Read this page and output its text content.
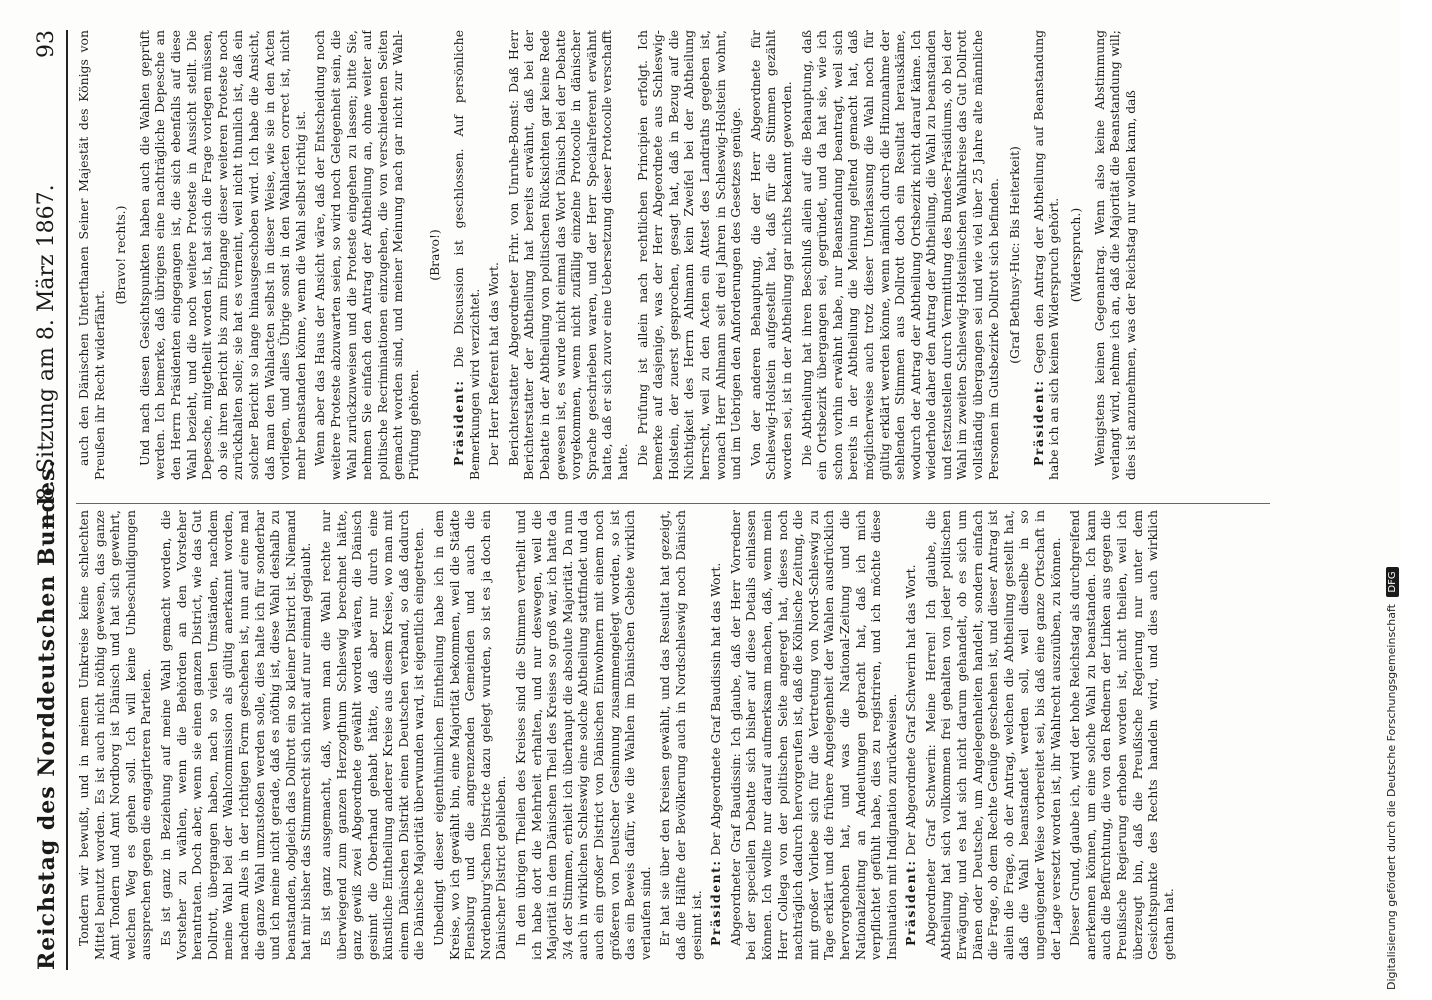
Reichstag des Norddeutschen Bundes.
— 8. Sitzung am 8. März 1867.
93

Tondern wir bewußt, und in meinem Umkreise keine schlechten Mittel benutzt worden. Es ist auch nicht nöthig gewesen, das ganze Amt Tondern und Amt Nordborg ist Dänisch und hat sich gewehrt, welchen Weg es gehen soll. Ich will keine Unbeschuldigungen aussprechen gegen die engagirteren Parteien. Es ist ganz in Beziehung auf meine Wahl gemacht worden, die Vorsteher zu wählen, wenn die Behörden an den Vorsteher herantraten. Doch aber, wenn sie einen ganzen District, wie das Gut Dollrott, übergangen haben, nach so vielen Umständen, nachdem meine Wahl bei der Wahlcommission als gültig anerkannt worden, nachdem Alles in der richtigen Form geschehen ist, nun auf eine mal die ganze Wahl umzustoßen werden solle, dies halte ich für sonderbar und ich meine nicht gerade, daß es nöthig ist, diese Wahl deshalb zu beanstanden, obgleich das Dollrott ein so kleiner District ist. Niemand hat mir bisher das Stimmrecht sich nicht auf nur einmal geglaubt. Es ist ganz ausgemacht, daß, wenn man die Wahl rechte nur überwiegend zum ganzen Herzogthum Schleswig berechnet hätte, ganz gewiß zwei Abgeordnete gewählt worden wären, die Dänisch gesinnt die Oberhand gehabt hätte, daß aber nur durch eine künstliche Eintheilung anderer Kreise aus diesem Kreise, wo man mit einem Dänischen Distrikt einen Deutschen verband, so daß dadurch die Dänische Majorität überwunden ward, ist eigentlich eingetreten. Unbedingt dieser eigenthümlichen Eintheilung habe ich in dem Kreise, wo ich gewählt bin, eine Majorität bekommen, weil die Städte Flensburg und die angrenzenden Gemeinden und auch die Nordenburg'schen Districte dazu gelegt wurden, so ist es ja doch ein Dänischer District geblieben. In den übrigen Theilen des Kreises sind die Stimmen vertheilt und ich habe dort die Mehrheit erhalten, und nur deswegen, weil die Majorität in dem Dänischen Theil des Kreises so groß war, ich hatte da 3/4 der Stimmen, erhielt ich überhaupt die absolute Majorität. Da nun auch in wirklichen Schleswig eine solche Abtheilung stattfindet und da auch ein großer District von Dänischen Einwohnern mit einem noch größeren von Deutscher Gesinnung zusammengelegt worden, so ist das ein Beweis dafür, wie die Wahlen im Dänischen Gebiete wirklich verlaufen sind. Er hat sie über den Kreisen gewählt, und das Resultat hat gezeigt, daß die Hälfte der Bevölkerung auch in Nordschleswig noch Dänisch gesinnt ist. Präsident: Der Abgeordnete Graf Baudissin hat das Wort. Abgeordneter Graf Baudissin: Ich glaube, daß der Herr Vorredner bei der speciellen Debatte sich bisher auf diese Details einlassen können. Ich wollte nur darauf aufmerksam machen, daß, wenn mein Herr Collega von der politischen Seite angeregt hat, dieses noch nachträglich dadurch hervorgerufen ist, daß die Kölnische Zeitung, die mit großer Vorliebe sich für die Vertretung von Nord-Schleswig zu Tage erklärt und die frühere Angelegenheit der Wahlen ausdrücklich hervorgehoben hat, und was die National-Zeitung und die Nationalzeitung an Andeutungen gebracht hat, daß ich mich verpflichtet gefühlt habe, dies zu registriren, und ich möchte diese Insinuation mit Indignation zurückweisen. Präsident: Der Abgeordnete Graf Schwerin hat das Wort. Abgeordneter Graf Schwerin: Meine Herren! Ich glaube, die Abtheilung hat sich vollkommen frei gehalten von jeder politischen Erwägung, und es hat sich nicht darum gehandelt, ob es sich um Dänen oder Deutsche, um Angelegenheiten handelt, sondern einfach die Frage, ob dem Rechte Genüge geschehen ist, und dieser Antrag ist allein die Frage, ob der Antrag, welchen die Abtheilung gestellt hat, daß die Wahl beanstandet werden soll, weil dieselbe in so ungenügender Weise vorbereitet sei, bis daß eine ganze Ortschaft in der Lage versetzt worden ist, ihr Wahlrecht auszuüben, zu können. Dieser Grund, glaube ich, wird der hohe Reichstag als durchgreifend anerkennen können, um eine solche Wahl zu beanstanden. Ich kann auch die Befürchtung, die von den Rednern der Linken aus gegen die Preußische Regierung erhoben worden ist, nicht theilen, weil ich überzeugt bin, daß die Preußische Regierung nur unter dem Gesichtspunkte des Rechts handeln wird, und dies auch wirklich gethan hat.

auch den Dänischen Unterthanen Seiner Majestät des Königs von Preußen ihr Recht widerfährt.

(Bravo! rechts.) Und nach diesen Gesichtspunkten haben auch die Wahlen geprüft werden. Ich bemerke, daß übrigens eine nachträgliche Depesche an den Herrn Präsidenten eingegangen ist, die sich ebenfalls auf diese Wahl bezieht, und die noch weitere Proteste in Aussicht stellt. Die Depesche, mitgetheilt worden ist, hat sich die Frage vorlegen müssen, ob sie ihren Bericht bis zum Eingange dieser weiteren Proteste noch zurückhalten solle; sie hat es verneint, weil nicht thunlich ist, daß ein solcher Bericht so lange hinausgeschoben wird. Ich habe die Ansicht, daß man den Wahlacten selbst in dieser Weise, wie sie in den Acten vorliegen, und alles Übrige sonst in den Wahlacten correct ist, nicht mehr beanstanden könne, wenn die Wahl selbst richtig ist. Wenn aber das Haus der Ansicht wäre, daß der Entscheidung noch weitere Proteste abzuwarten seien, so wird noch Gelegenheit sein, die Wahl zurückzuweisen und die Proteste eingehen zu lassen; bitte Sie, nehmen Sie einfach den Antrag der Abtheilung an, ohne weiter auf politische Recriminationen einzugehen, die von verschiedenen Seiten gemacht worden sind, und meiner Meinung nach gar nicht zur Wahl-Prüfung gehören.

(Bravo!)

Präsident: Die Discussion ist geschlossen. Auf persönliche Bemerkungen wird verzichtet. Der Herr Referent hat das Wort. Berichterstatter Abgeordneter Frhr. von Unruhe-Bomst: Daß Herr Berichterstatter der Abtheilung hat bereits erwähnt, daß bei der Debatte in der Abtheilung von politischen Rücksichten gar keine Rede gewesen ist, es wurde nicht einmal das Wort Dänisch bei der Debatte vorgekommen, wenn nicht zufällig einzelne Protocolle in dänischer Sprache geschrieben waren, und der Herr Specialreferent erwähnt hatte, daß er sich zuvor eine Uebersetzung dieser Protocolle verschafft hatte. Die Prüfung ist allein nach rechtlichen Principien erfolgt. Ich bemerke auf dasjenige, was der Herr Abgeordnete aus Schleswig-Holstein, der zuerst gesprochen, gesagt hat, daß in Bezug auf die Nichtigkeit des Herrn Ahlmann kein Zweifel bei der Abtheilung herrscht, weil zu den Acten ein Attest des Landraths gegeben ist, wonach Herr Ahlmann seit drei Jahren in Schleswig-Holstein wohnt, und im Uebrigen den Anforderungen des Gesetzes genüge. Von der anderen Behauptung, die der Herr Abgeordnete für Schleswig-Holstein aufgestellt hat, daß für die Stimmen gezählt worden sei, ist in der Abtheilung gar nichts bekannt geworden. Die Abtheilung hat ihren Beschluß allein auf die Behauptung, daß ein Ortsbezirk übergangen sei, gegründet, und da hat sie, wie ich schon vorhin erwähnt habe, nur Beanstandung beantragt, weil sich bereits in der Abtheilung die Meinung geltend gemacht hat, daß möglicherweise auch trotz dieser Unterlassung die Wahl noch für gültig erklärt werden könne, wenn nämlich durch die Hinzunahme der sehlenden Stimmen aus Dollrott doch ein Resultat herauskäme, wodurch der Antrag der Abtheilung Ortsbezirk nicht darauf käme. Ich wiederhole daher den Antrag der Abtheilung, die Wahl zu beanstanden und festzustellen durch Vermittlung des Bundes-Präsidiums, ob bei der Wahl im zweiten Schleswig-Holsteinischen Wahlkreise das Gut Dollrott vollständig übergangen sei und wie viel über 25 Jahre alte männliche Personen im Gutsbezirke Dollrott sich befinden. (Graf Bethusy-Huc: Bis Heiterkeit)

Präsident: Gegen den Antrag der Abtheilung auf Beanstandung habe ich an sich keinen Widerspruch gehört. (Widerspruch.) Wenigstens keinen Gegenantrag. Wenn also keine Abstimmung verlangt wird, nehme ich an, daß die Majorität die Beanstandung will; dies ist anzunehmen, was der Reichstag nur wollen kann, daß

Digitalisierung gefördert durch die Deutsche Forschungsgemeinschaft DFG
